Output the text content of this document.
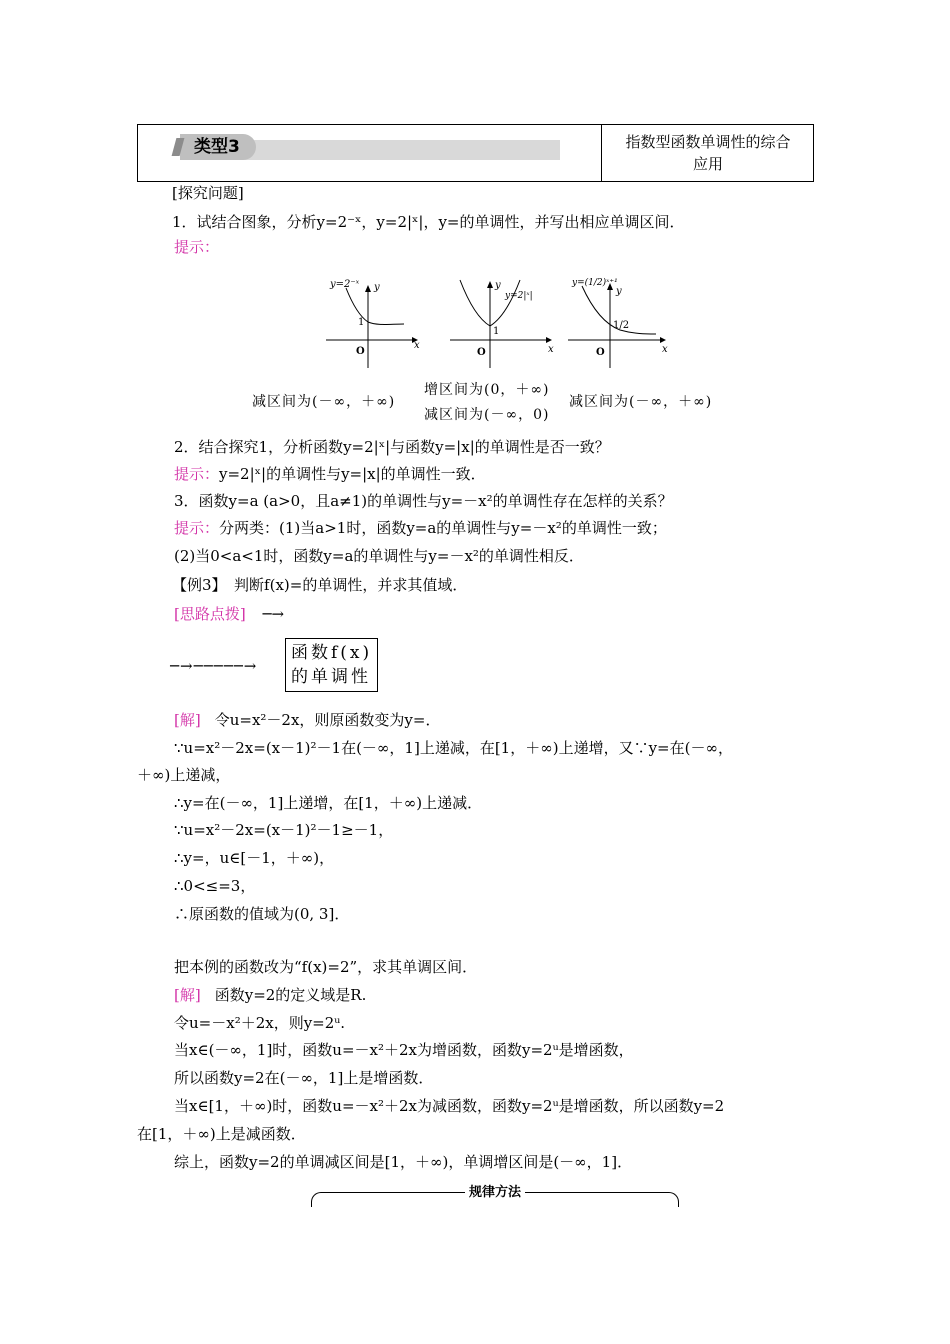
类型3	指数型函数单调性的综合
应用
[探究问题]
1．试结合图象，分析y=2⁻ˣ，y=2|ˣ|，y=的单调性，并写出相应单调区间．
提示：
y=2⁻ˣ y
x
O
1
y
y=2|ˣ|
x
O
1
y=(1/2)ˣ⁺¹
y
x
O
1/2
减区间为(－∞，＋∞)
增区间为(0，＋∞)
减区间为(－∞，0)
减区间为(－∞，＋∞)
2．结合探究1，分析函数y=2|ˣ|与函数y=|x|的单调性是否一致？
提示：y=2|ˣ|的单调性与y=|x|的单调性一致．
3．函数y=a (a>0，且a≠1)的单调性与y=－x²的单调性存在怎样的关系？
提示：分两类：(1)当a>1时，函数y=a的单调性与y=－x²的单调性一致；
(2)当0<a<1时，函数y=a的单调性与y=－x²的单调性相反．
【例3】　判断f(x)=的单调性，并求其值域．
[思路点拨] ─→
─→─────→
函数f(x)
的单调性
[解] 令u=x²－2x，则原函数变为y=．
∵u=x²－2x=(x－1)²－1在(－∞，1]上递减，在[1，＋∞)上递增，又∵y=在(－∞，
＋∞)上递减，
∴y=在(－∞，1]上递增，在[1，＋∞)上递减．
∵u=x²－2x=(x－1)²－1≥－1，
∴y=，u∈[－1，＋∞)，
∴0<≤=3，
∴原函数的值域为(0, 3]．
把本例的函数改为“f(x)=2”，求其单调区间．
[解] 函数y=2的定义域是R.
令u=－x²＋2x，则y=2ᵘ.
当x∈(－∞，1]时，函数u=－x²＋2x为增函数，函数y=2ᵘ是增函数，
所以函数y=2在(－∞，1]上是增函数．
当x∈[1，＋∞)时，函数u=－x²＋2x为减函数，函数y=2ᵘ是增函数，所以函数y=2
在[1，＋∞)上是减函数．
综上，函数y=2的单调减区间是[1，＋∞)，单调增区间是(－∞，1]．
规律方法
